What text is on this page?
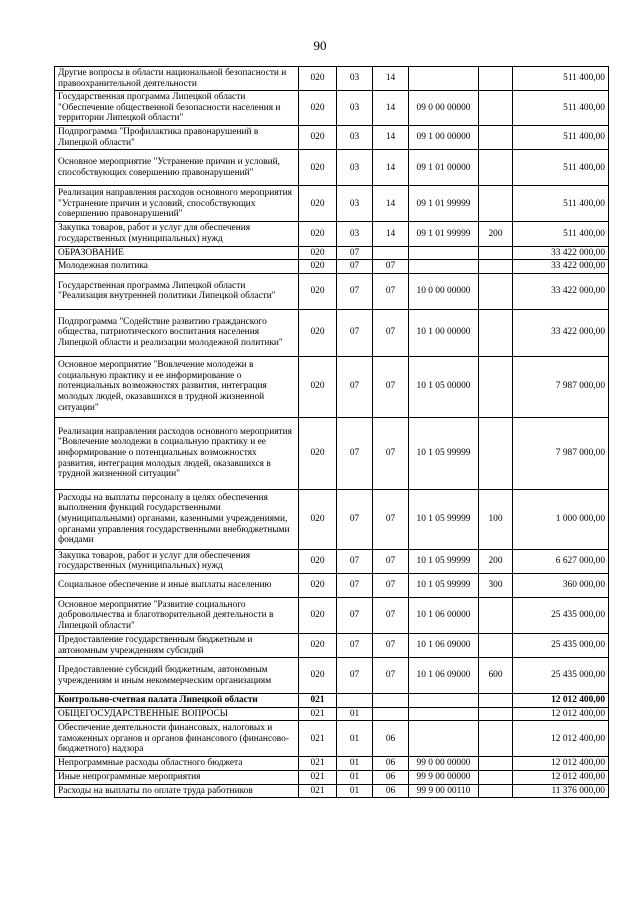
90
Другие вопросы в области национальной безопасности и правоохранительной деятельности	020	03	14			511 400,00
Государственная программа Липецкой области "Обеспечение общественной безопасности населения и территории Липецкой области"	020	03	14	09 0 00 00000		511 400,00
Подпрограмма "Профилактика правонарушений в Липецкой области"	020	03	14	09 1 00 00000		511 400,00
Основное мероприятие "Устранение причин и условий, способствующих совершению правонарушений"	020	03	14	09 1 01 00000		511 400,00
Реализация направления расходов основного мероприятия "Устранение причин и условий, способствующих совершению правонарушений"	020	03	14	09 1 01 99999		511 400,00
Закупка товаров, работ и услуг для обеспечения государственных (муниципальных) нужд	020	03	14	09 1 01 99999	200	511 400,00
ОБРАЗОВАНИЕ	020	07				33 422 000,00
Молодежная политика	020	07	07			33 422 000,00
Государственная программа Липецкой области "Реализация внутренней политики Липецкой области"	020	07	07	10 0 00 00000		33 422 000,00
Подпрограмма "Содействие развитию гражданского общества, патриотического воспитания населения Липецкой области и реализации молодежной политики"	020	07	07	10 1 00 00000		33 422 000,00
Основное мероприятие "Вовлечение молодежи в социальную практику и ее информирование о потенциальных возможностях развития, интеграция молодых людей, оказавшихся в трудной жизненной ситуации"	020	07	07	10 1 05 00000		7 987 000,00
Реализация направления расходов основного мероприятия "Вовлечение молодежи в социальную практику и ее информирование о потенциальных возможностях развития, интеграция молодых людей, оказавшихся в трудной жизненной ситуации"	020	07	07	10 1 05 99999		7 987 000,00
Расходы на выплаты персоналу в целях обеспечения выполнения функций государственными (муниципальными) органами, казенными учреждениями, органами управления государственными внебюджетными фондами	020	07	07	10 1 05 99999	100	1 000 000,00
Закупка товаров, работ и услуг для обеспечения государственных (муниципальных) нужд	020	07	07	10 1 05 99999	200	6 627 000,00
Социальное обеспечение и иные выплаты населению	020	07	07	10 1 05 99999	300	360 000,00
Основное мероприятие "Развитие социального добровольчества и благотворительной деятельности в Липецкой области"	020	07	07	10 1 06 00000		25 435 000,00
Предоставление государственным бюджетным и автономным учреждениям субсидий	020	07	07	10 1 06 09000		25 435 000,00
Предоставление субсидий бюджетным, автономным учреждениям и иным некоммерческим организациям	020	07	07	10 1 06 09000	600	25 435 000,00
Контрольно-счетная палата Липецкой области	021					12 012 400,00
ОБЩЕГОСУДАРСТВЕННЫЕ ВОПРОСЫ	021	01				12 012 400,00
Обеспечение деятельности финансовых, налоговых и таможенных органов и органов финансового (финансово-бюджетного) надзора	021	01	06			12 012 400,00
Непрограммные расходы областного бюджета	021	01	06	99 0 00 00000		12 012 400,00
Иные непрограммные мероприятия	021	01	06	99 9 00 00000		12 012 400,00
Расходы на выплаты по оплате труда работников	021	01	06	99 9 00 00110		11 376 000,00
